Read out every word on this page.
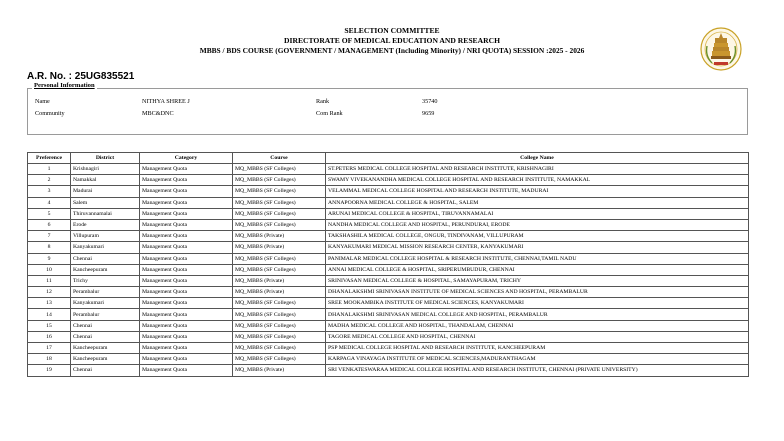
SELECTION COMMITTEE
DIRECTORATE OF MEDICAL EDUCATION AND RESEARCH
MBBS / BDS COURSE (GOVERNMENT / MANAGEMENT (Including Minority) / NRI QUOTA) SESSION :2025 - 2026
A.R. No. : 25UG835521
Personal Information
Name	NITHYA SHREE J
Community	MBC&DNC
Rank	35740
Com Rank	9659
Preference	District	Category	Course	College Name
1	Krishnagiri	Management Quota	MQ_MBBS (SF Colleges)	ST.PETERS MEDICAL COLLEGE HOSPITAL AND RESEARCH INSTITUTE, KRISHNAGIRI
2	Namakkal	Management Quota	MQ_MBBS (SF Colleges)	SWAMY VIVEKANANDHA MEDICAL COLLEGE HOSPITAL AND RESEARCH INSTITUTE, NAMAKKAL
3	Madurai	Management Quota	MQ_MBBS (SF Colleges)	VELAMMAL MEDICAL COLLEGE HOSPITAL AND RESEARCH INSTITUTE, MADURAI
4	Salem	Management Quota	MQ_MBBS (SF Colleges)	ANNAPOORNA MEDICAL COLLEGE & HOSPITAL, SALEM
5	Thiruvannamalai	Management Quota	MQ_MBBS (SF Colleges)	ARUNAI MEDICAL COLLEGE & HOSPITAL, TIRUVANNAMALAI
6	Erode	Management Quota	MQ_MBBS (SF Colleges)	NANDHA MEDICAL COLLEGE AND HOSPITAL, PERUNDURAI, ERODE
7	Villupuram	Management Quota	MQ_MBBS (Private)	TAKSHASHILA MEDICAL COLLEGE, ONGUR, TINDIVANAM, VILLUPURAM
8	Kanyakumari	Management Quota	MQ_MBBS (Private)	KANYAKUMARI MEDICAL MISSION RESEARCH CENTER, KANYAKUMARI
9	Chennai	Management Quota	MQ_MBBS (SF Colleges)	PANIMALAR MEDICAL COLLEGE HOSPITAL & RESEARCH INSTITUTE, CHENNAI,TAMIL NADU
10	Kancheepuram	Management Quota	MQ_MBBS (SF Colleges)	ANNAI MEDICAL COLLEGE & HOSPITAL, SRIPERUMBUDUR, CHENNAI
11	Trichy	Management Quota	MQ_MBBS (Private)	SRINIVASAN MEDICAL COLLEGE & HOSPITAL, SAMAYAPURAM, TRICHY
12	Perambalur	Management Quota	MQ_MBBS (Private)	DHANALAKSHMI SRINIVASAN INSTITUTE OF MEDICAL SCIENCES AND HOSPITAL, PERAMBALUR
13	Kanyakumari	Management Quota	MQ_MBBS (SF Colleges)	SREE MOOKAMBIKA INSTITUTE OF MEDICAL SCIENCES, KANYAKUMARI
14	Perambalur	Management Quota	MQ_MBBS (SF Colleges)	DHANALAKSHMI SRINIVASAN MEDICAL COLLEGE AND HOSPITAL, PERAMBALUR
15	Chennai	Management Quota	MQ_MBBS (SF Colleges)	MADHA MEDICAL COLLEGE AND HOSPITAL, THANDALAM, CHENNAI
16	Chennai	Management Quota	MQ_MBBS (SF Colleges)	TAGORE MEDICAL COLLEGE AND HOSPITAL, CHENNAI
17	Kancheepuram	Management Quota	MQ_MBBS (SF Colleges)	PSP MEDICAL COLLEGE HOSPITAL AND RESEARCH INSTITUTE, KANCHEEPURAM
18	Kancheepuram	Management Quota	MQ_MBBS (SF Colleges)	KARPAGA VINAYAGA INSTITUTE OF MEDICAL SCIENCES,MADURANTHAGAM
19	Chennai	Management Quota	MQ_MBBS (Private)	SRI VENKATESWARAA MEDICAL COLLEGE HOSPITAL AND RESEARCH INSTITUTE, CHENNAI (PRIVATE UNIVERSITY)
